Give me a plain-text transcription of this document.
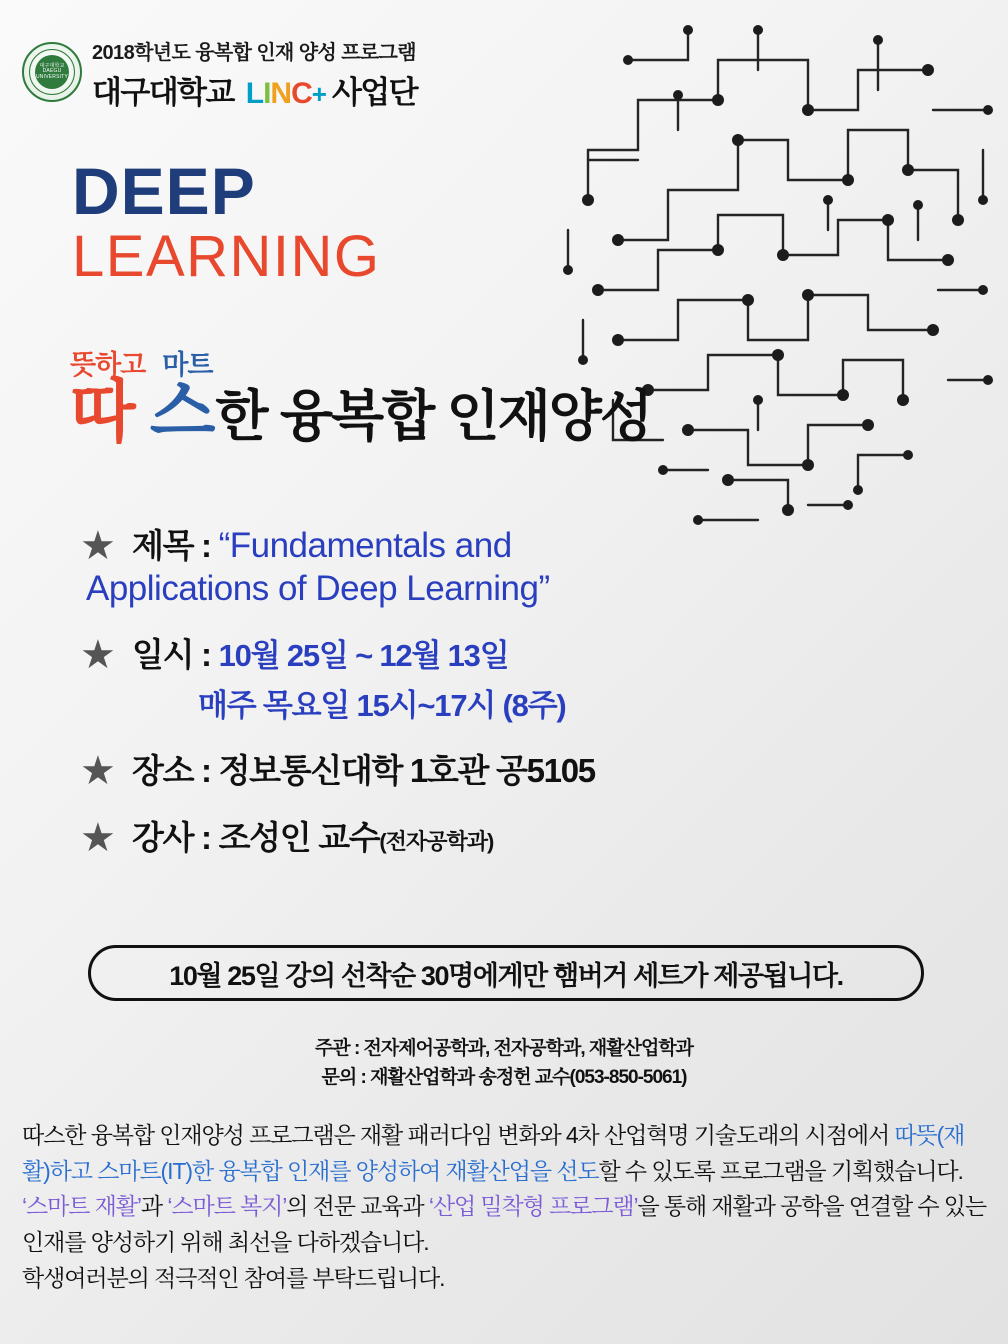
대구대학교 DAEGU UNIVERSITY
2018학년도 융복합 인재 양성 프로그램
대구대학교 L I N C + 사업단
DEEP
LEARNING
뜻하고 마트
따 스 한 융복합 인재양성
★ 제목 : “Fundamentals and
Applications of Deep Learning”
★ 일시 : 10월 25일 ~ 12월 13일
매주 목요일 15시~17시 (8주)
★ 장소 : 정보통신대학 1호관 공5105
★ 강사 : 조성인 교수(전자공학과)
10월 25일 강의 선착순 30명에게만 햄버거 세트가 제공됩니다.
주관 : 전자제어공학과, 전자공학과, 재활산업학과
문의 : 재활산업학과 송정헌 교수(053-850-5061)

따스한 융복합 인재양성 프로그램은 재활 패러다임 변화와 4차 산업혁명 기술도래의 시점에서 따뜻(재활)하고 스마트(IT)한 융복합 인재를 양성하여 재활산업을 선도할 수 있도록 프로그램을 기획했습니다. ‘스마트 재활’과 ‘스마트 복지’의 전문 교육과 ‘산업 밀착형 프로그램’을 통해 재활과 공학을 연결할 수 있는 인재를 양성하기 위해 최선을 다하겠습니다.

학생여러분의 적극적인 참여를 부탁드립니다.
